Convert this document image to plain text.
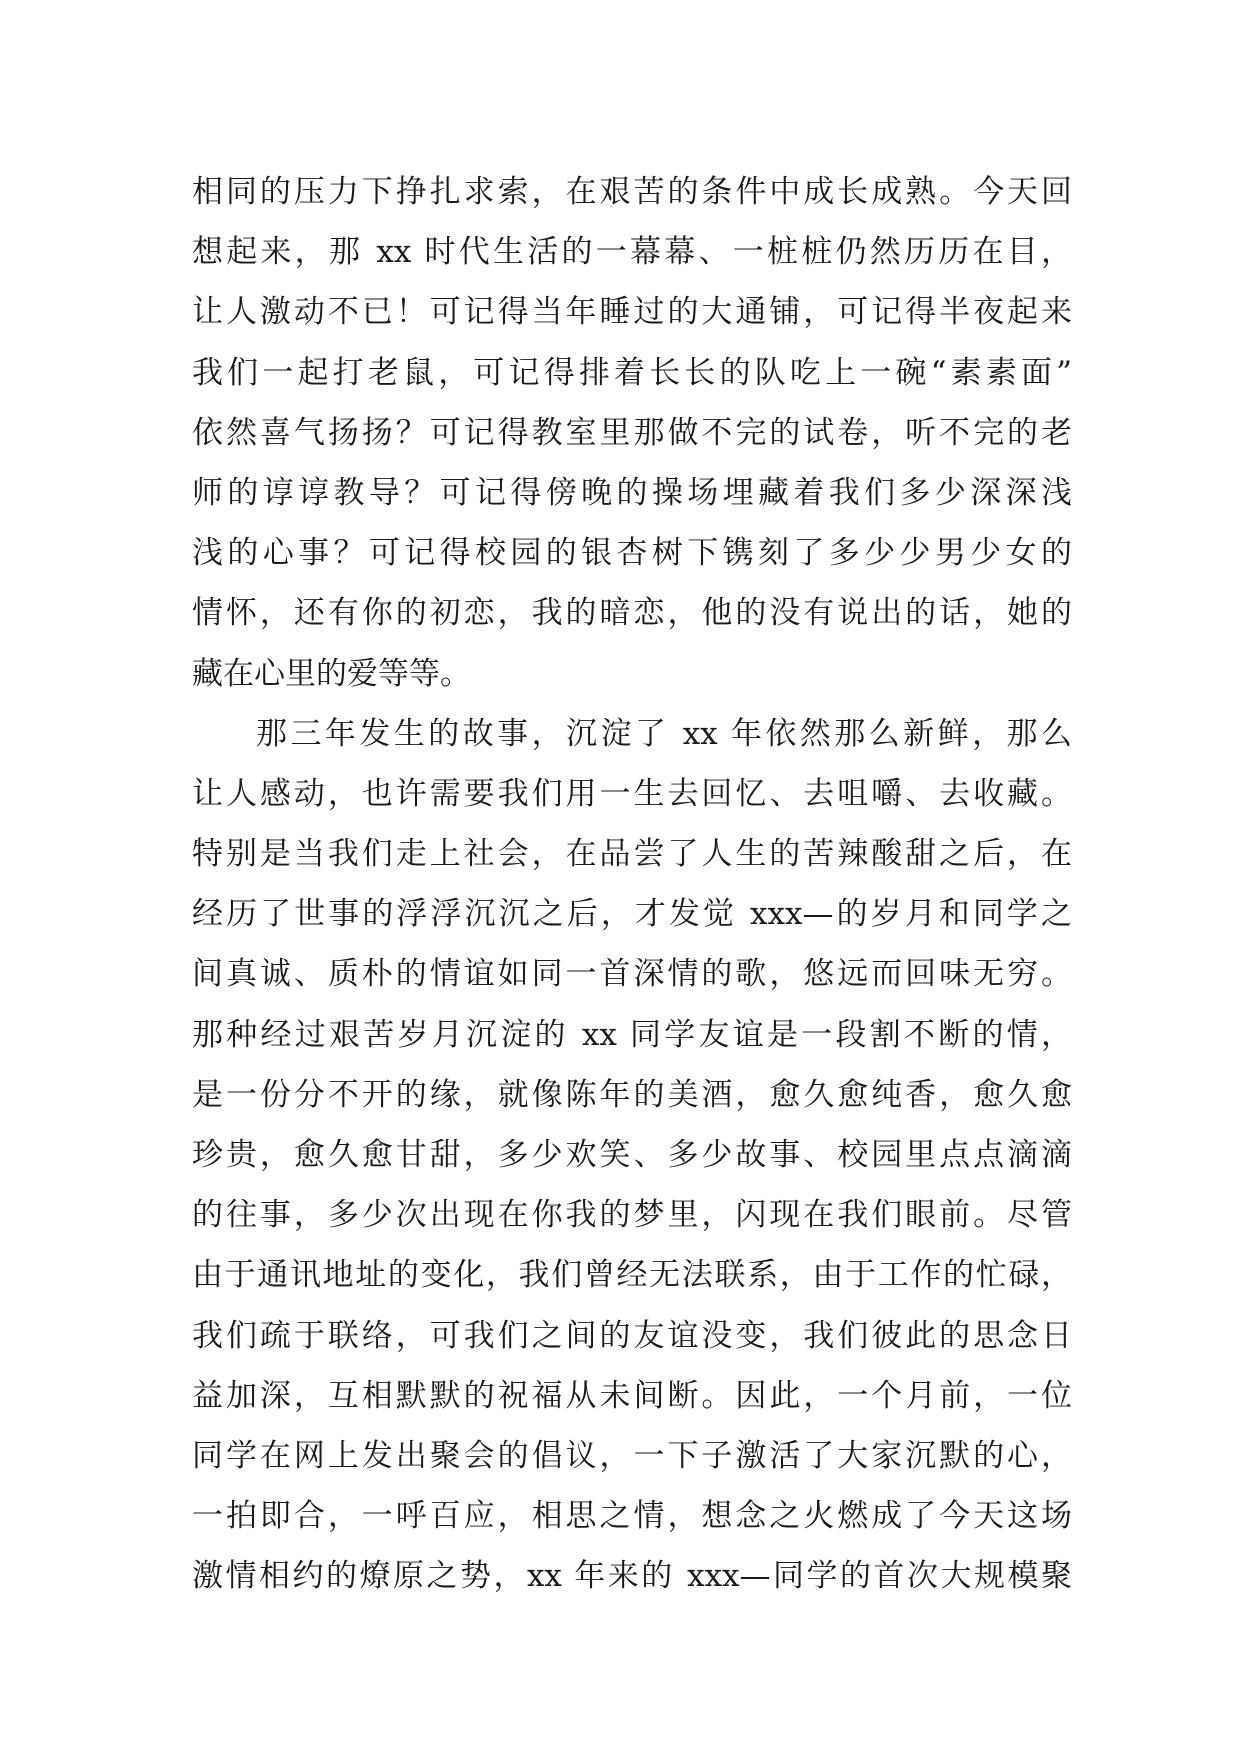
相同的压力下挣扎求索，在艰苦的条件中成长成熟。今天回
想起来，那 xx 时代生活的一幕幕、一桩桩仍然历历在目，
让人激动不已！可记得当年睡过的大通铺，可记得半夜起来
我们一起打老鼠，可记得排着长长的队吃上一碗“素素面”
依然喜气扬扬？可记得教室里那做不完的试卷，听不完的老
师的谆谆教导？可记得傍晚的操场埋藏着我们多少深深浅
浅的心事？可记得校园的银杏树下镌刻了多少少男少女的
情怀，还有你的初恋，我的暗恋，他的没有说出的话，她的
藏在心里的爱等等。
那三年发生的故事，沉淀了 xx 年依然那么新鲜，那么
让人感动，也许需要我们用一生去回忆、去咀嚼、去收藏。
特别是当我们走上社会，在品尝了人生的苦辣酸甜之后，在
经历了世事的浮浮沉沉之后，才发觉 xxx—的岁月和同学之
间真诚、质朴的情谊如同一首深情的歌，悠远而回味无穷。
那种经过艰苦岁月沉淀的 xx 同学友谊是一段割不断的情，
是一份分不开的缘，就像陈年的美酒，愈久愈纯香，愈久愈
珍贵，愈久愈甘甜，多少欢笑、多少故事、校园里点点滴滴
的往事，多少次出现在你我的梦里，闪现在我们眼前。尽管
由于通讯地址的变化，我们曾经无法联系，由于工作的忙碌，
我们疏于联络，可我们之间的友谊没变，我们彼此的思念日
益加深，互相默默的祝福从未间断。因此，一个月前，一位
同学在网上发出聚会的倡议，一下子激活了大家沉默的心，
一拍即合，一呼百应，相思之情，想念之火燃成了今天这场
激情相约的燎原之势，xx 年来的 xxx—同学的首次大规模聚
